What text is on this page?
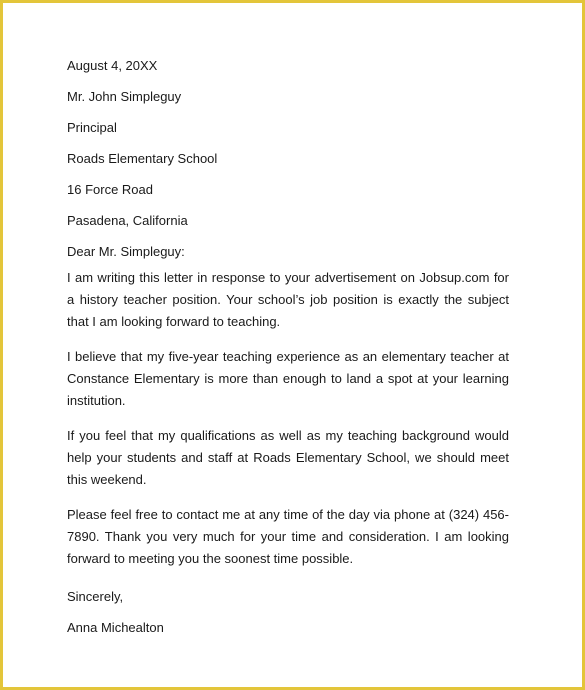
August 4, 20XX
Mr. John Simpleguy
Principal
Roads Elementary School
16 Force Road
Pasadena, California
Dear Mr. Simpleguy:

I am writing this letter in response to your advertisement on Jobsup.com for a history teacher position. Your school’s job position is exactly the subject that I am looking forward to teaching.

I believe that my five-year teaching experience as an elementary teacher at Constance Elementary is more than enough to land a spot at your learning institution.

If you feel that my qualifications as well as my teaching background would help your students and staff at Roads Elementary School, we should meet this weekend.

Please feel free to contact me at any time of the day via phone at (324) 456-7890. Thank you very much for your time and consideration. I am looking forward to meeting you the soonest time possible.

Sincerely,
Anna Michealton
